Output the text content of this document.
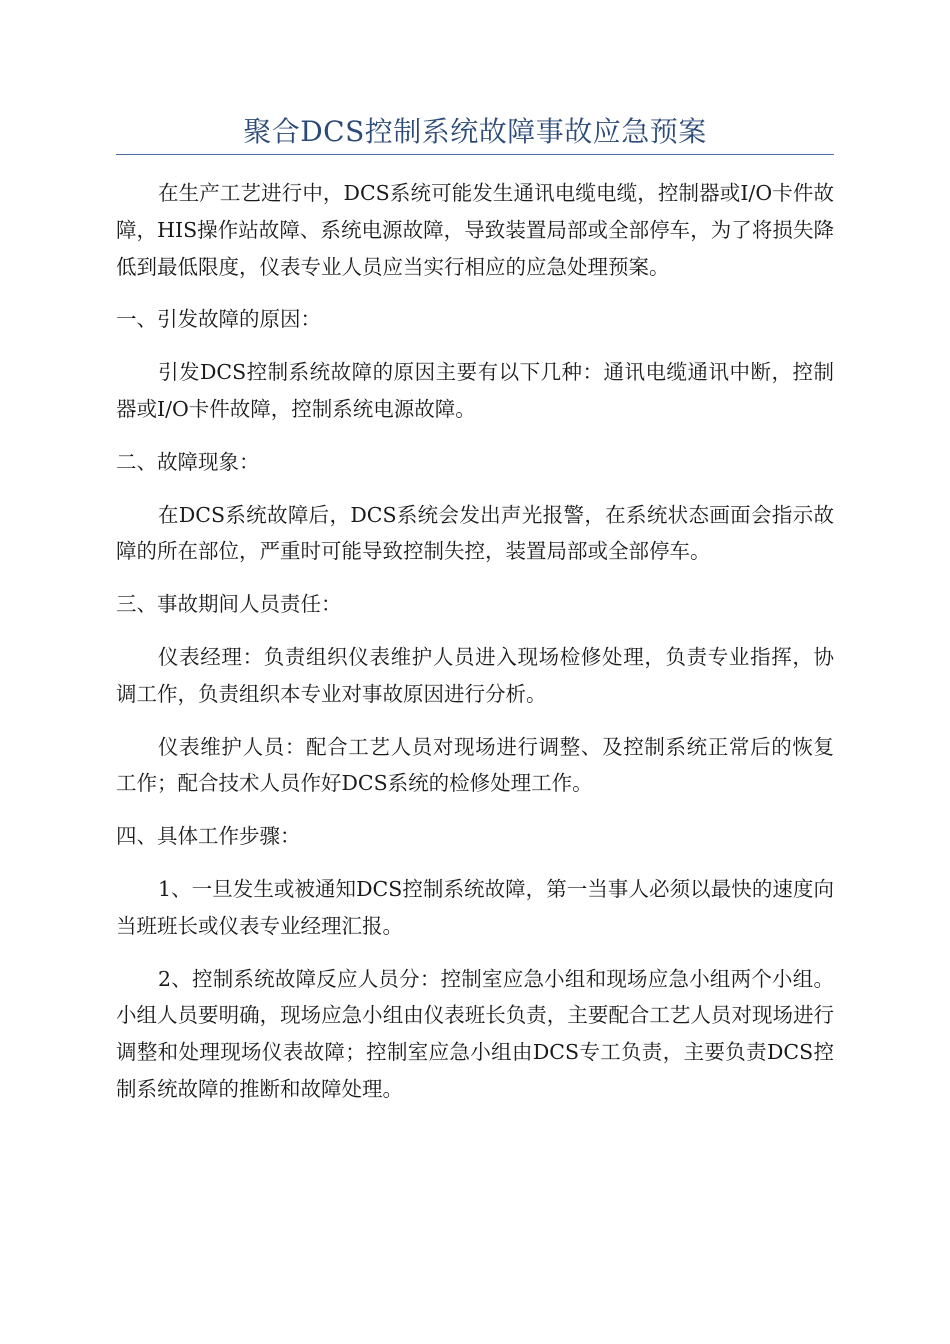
聚合DCS控制系统故障事故应急预案

在生产工艺进行中，DCS系统可能发生通讯电缆电缆，控制器或I/O卡件故障，HIS操作站故障、系统电源故障，导致装置局部或全部停车，为了将损失降低到最低限度，仪表专业人员应当实行相应的应急处理预案。

一、引发故障的原因：

引发DCS控制系统故障的原因主要有以下几种：通讯电缆通讯中断，控制器或I/O卡件故障，控制系统电源故障。

二、故障现象：

在DCS系统故障后，DCS系统会发出声光报警，在系统状态画面会指示故障的所在部位，严重时可能导致控制失控，装置局部或全部停车。

三、事故期间人员责任：

仪表经理：负责组织仪表维护人员进入现场检修处理，负责专业指挥，协调工作，负责组织本专业对事故原因进行分析。

仪表维护人员：配合工艺人员对现场进行调整、及控制系统正常后的恢复工作；配合技术人员作好DCS系统的检修处理工作。

四、具体工作步骤：

1、一旦发生或被通知DCS控制系统故障，第一当事人必须以最快的速度向当班班长或仪表专业经理汇报。

2、控制系统故障反应人员分：控制室应急小组和现场应急小组两个小组。小组人员要明确，现场应急小组由仪表班长负责，主要配合工艺人员对现场进行调整和处理现场仪表故障；控制室应急小组由DCS专工负责，主要负责DCS控制系统故障的推断和故障处理。
